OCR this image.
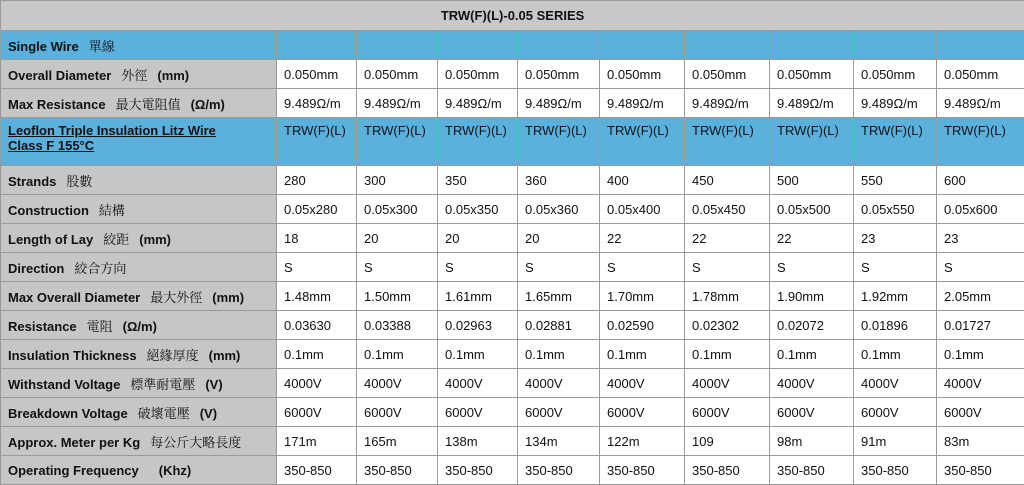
TRW(F)(L)-0.05 SERIES									
Single Wire 單線									
Overall Diameter 外徑 (mm)	0.050mm	0.050mm	0.050mm	0.050mm	0.050mm	0.050mm	0.050mm	0.050mm	0.050mm
Max Resistance 最大電阻值 (Ω/m)	9.489Ω/m	9.489Ω/m	9.489Ω/m	9.489Ω/m	9.489Ω/m	9.489Ω/m	9.489Ω/m	9.489Ω/m	9.489Ω/m
Leoflon Triple Insulation Litz Wire
Class F 155°C	TRW(F)(L)	TRW(F)(L)	TRW(F)(L)	TRW(F)(L)	TRW(F)(L)	TRW(F)(L)	TRW(F)(L)	TRW(F)(L)	TRW(F)(L)
Strands 股數	280	300	350	360	400	450	500	550	600
Construction 結構	0.05x280	0.05x300	0.05x350	0.05x360	0.05x400	0.05x450	0.05x500	0.05x550	0.05x600
Length of Lay 絞距 (mm)	18	20	20	20	22	22	22	23	23
Direction 絞合方向	S	S	S	S	S	S	S	S	S
Max Overall Diameter 最大外徑 (mm)	1.48mm	1.50mm	1.61mm	1.65mm	1.70mm	1.78mm	1.90mm	1.92mm	2.05mm
Resistance 電阻 (Ω/m)	0.03630	0.03388	0.02963	0.02881	0.02590	0.02302	0.02072	0.01896	0.01727
Insulation Thickness 絕緣厚度 (mm)	0.1mm	0.1mm	0.1mm	0.1mm	0.1mm	0.1mm	0.1mm	0.1mm	0.1mm
Withstand Voltage 標準耐電壓 (V)	4000V	4000V	4000V	4000V	4000V	4000V	4000V	4000V	4000V
Breakdown Voltage 破壞電壓 (V)	6000V	6000V	6000V	6000V	6000V	6000V	6000V	6000V	6000V
Approx. Meter per Kg 每公斤大略長度	171m	165m	138m	134m	122m	109	98m	91m	83m
Operating Frequency (Khz)	350-850	350-850	350-850	350-850	350-850	350-850	350-850	350-850	350-850
